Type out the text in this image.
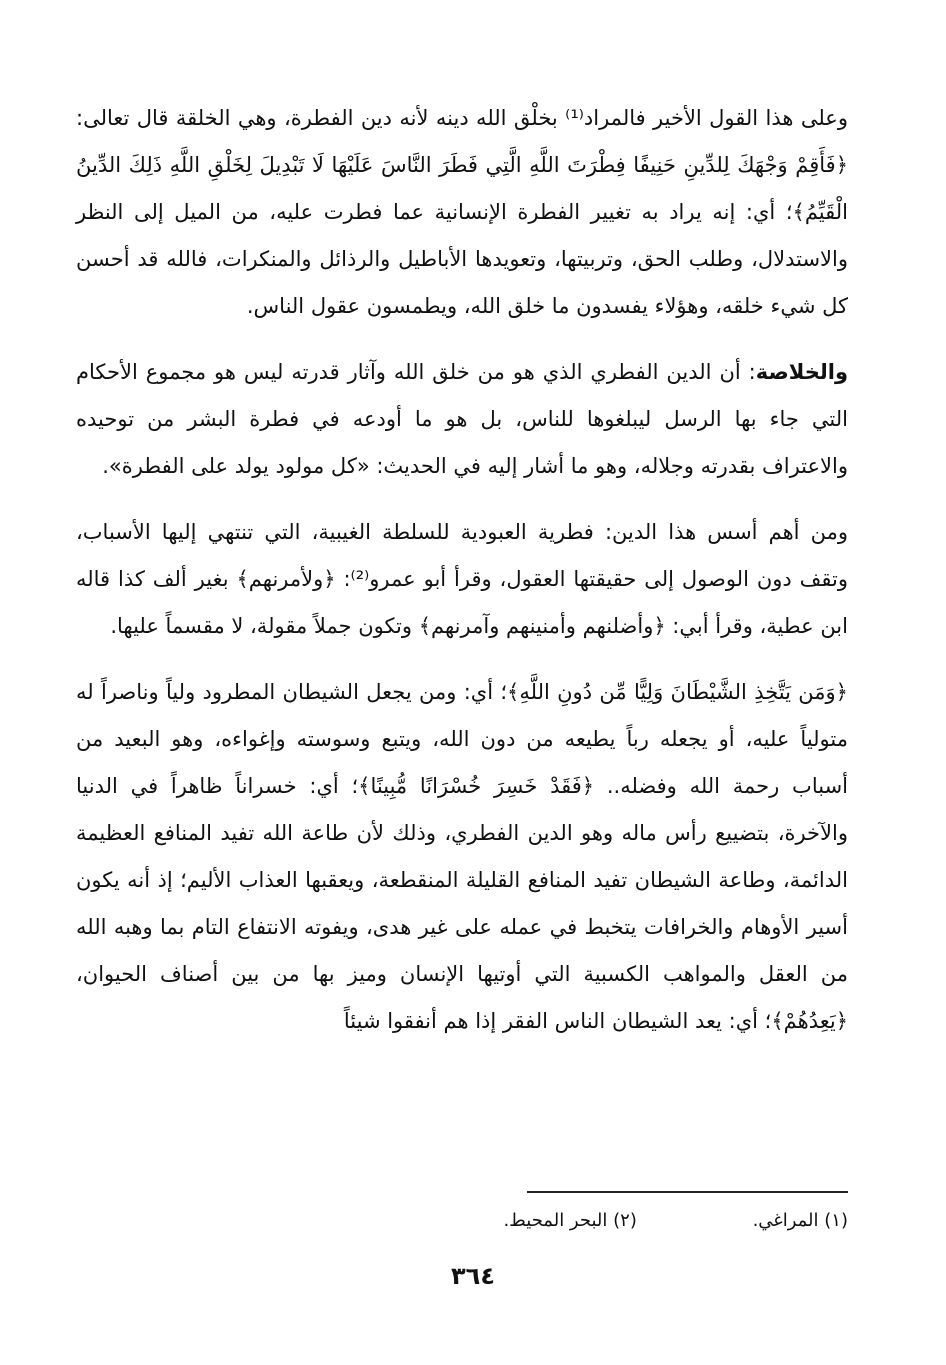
وعلى هذا القول الأخير فالمراد⁽¹⁾ بخلْق الله دينه لأنه دين الفطرة، وهي الخلقة قال تعالى: ﴿فَأَقِمْ وَجْهَكَ لِلدِّينِ حَنِيفًا فِطْرَتَ اللَّهِ الَّتِي فَطَرَ النَّاسَ عَلَيْهَا لَا تَبْدِيلَ لِخَلْقِ اللَّهِ ذَلِكَ الدِّينُ الْقَيِّمُ﴾؛ أي: إنه يراد به تغيير الفطرة الإنسانية عما فطرت عليه، من الميل إلى النظر والاستدلال، وطلب الحق، وتربيتها، وتعويدها الأباطيل والرذائل والمنكرات، فالله قد أحسن كل شيء خلقه، وهؤلاء يفسدون ما خلق الله، ويطمسون عقول الناس.

والخلاصة: أن الدين الفطري الذي هو من خلق الله وآثار قدرته ليس هو مجموع الأحكام التي جاء بها الرسل ليبلغوها للناس، بل هو ما أودعه في فطرة البشر من توحيده والاعتراف بقدرته وجلاله، وهو ما أشار إليه في الحديث: «كل مولود يولد على الفطرة».

ومن أهم أسس هذا الدين: فطرية العبودية للسلطة الغيبية، التي تنتهي إليها الأسباب، وتقف دون الوصول إلى حقيقتها العقول، وقرأ أبو عمرو⁽²⁾: ﴿ولأمرنهم﴾ بغير ألف كذا قاله ابن عطية، وقرأ أبي: ﴿وأضلنهم وأمنينهم وآمرنهم﴾ وتكون جملاً مقولة، لا مقسماً عليها.

﴿وَمَن يَتَّخِذِ الشَّيْطَانَ وَلِيًّا مِّن دُونِ اللَّهِ﴾؛ أي: ومن يجعل الشيطان المطرود ولياً وناصراً له متولياً عليه، أو يجعله رباً يطيعه من دون الله، ويتبع وسوسته وإغواءه، وهو البعيد من أسباب رحمة الله وفضله.. ﴿فَقَدْ خَسِرَ خُسْرَانًا مُّبِينًا﴾؛ أي: خسراناً ظاهراً في الدنيا والآخرة، بتضييع رأس ماله وهو الدين الفطري، وذلك لأن طاعة الله تفيد المنافع العظيمة الدائمة، وطاعة الشيطان تفيد المنافع القليلة المنقطعة، ويعقبها العذاب الأليم؛ إذ أنه يكون أسير الأوهام والخرافات يتخبط في عمله على غير هدى، ويفوته الانتفاع التام بما وهبه الله من العقل والمواهب الكسبية التي أوتيها الإنسان وميز بها من بين أصناف الحيوان، ﴿يَعِدُهُمْ﴾؛ أي: يعد الشيطان الناس الفقر إذا هم أنفقوا شيئاً

(١) المراغي. (٢) البحر المحيط.
٣٦٤
